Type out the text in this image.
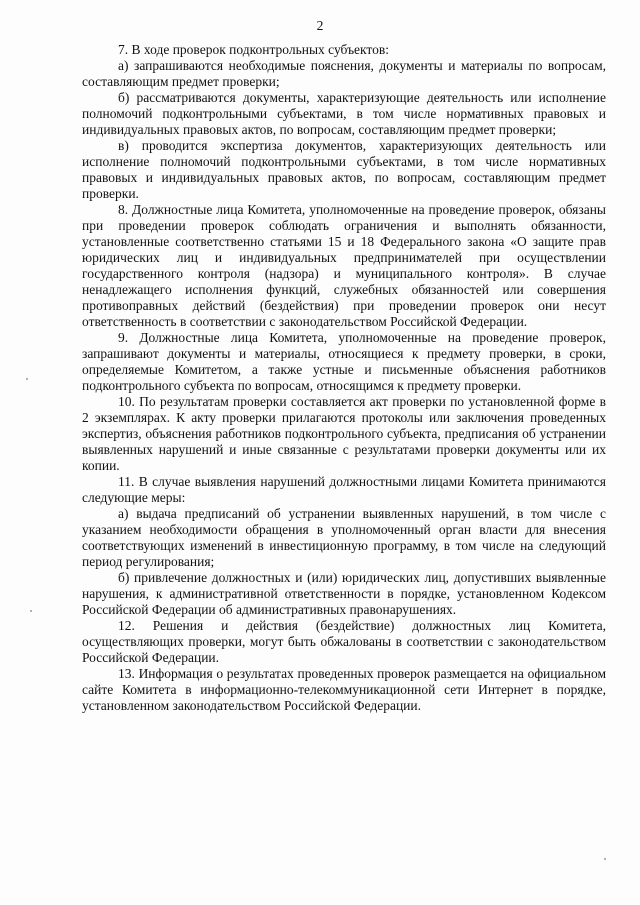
2

7. В ходе проверок подконтрольных субъектов:

а) запрашиваются необходимые пояснения, документы и материалы по вопросам, составляющим предмет проверки;

б) рассматриваются документы, характеризующие деятельность или исполнение полномочий подконтрольными субъектами, в том числе нормативных правовых и индивидуальных правовых актов, по вопросам, составляющим предмет проверки;

в) проводится экспертиза документов, характеризующих деятельность или исполнение полномочий подконтрольными субъектами, в том числе нормативных правовых и индивидуальных правовых актов, по вопросам, составляющим предмет проверки.

8. Должностные лица Комитета, уполномоченные на проведение проверок, обязаны при проведении проверок соблюдать ограничения и выполнять обязанности, установленные соответственно статьями 15 и 18 Федерального закона «О защите прав юридических лиц и индивидуальных предпринимателей при осуществлении государственного контроля (надзора) и муниципального контроля». В случае ненадлежащего исполнения функций, служебных обязанностей или совершения противоправных действий (бездействия) при проведении проверок они несут ответственность в соответствии с законодательством Российской Федерации.

9. Должностные лица Комитета, уполномоченные на проведение проверок, запрашивают документы и материалы, относящиеся к предмету проверки, в сроки, определяемые Комитетом, а также устные и письменные объяснения работников подконтрольного субъекта по вопросам, относящимся к предмету проверки.

10. По результатам проверки составляется акт проверки по установленной форме в 2 экземплярах. К акту проверки прилагаются протоколы или заключения проведенных экспертиз, объяснения работников подконтрольного субъекта, предписания об устранении выявленных нарушений и иные связанные с результатами проверки документы или их копии.

11. В случае выявления нарушений должностными лицами Комитета принимаются следующие меры:

а) выдача предписаний об устранении выявленных нарушений, в том числе с указанием необходимости обращения в уполномоченный орган власти для внесения соответствующих изменений в инвестиционную программу, в том числе на следующий период регулирования;

б) привлечение должностных и (или) юридических лиц, допустивших выявленные нарушения, к административной ответственности в порядке, установленном Кодексом Российской Федерации об административных правонарушениях.

12. Решения и действия (бездействие) должностных лиц Комитета, осуществляющих проверки, могут быть обжалованы в соответствии с законодательством Российской Федерации.

13. Информация о результатах проведенных проверок размещается на официальном сайте Комитета в информационно-телекоммуникационной сети Интернет в порядке, установленном законодательством Российской Федерации.
